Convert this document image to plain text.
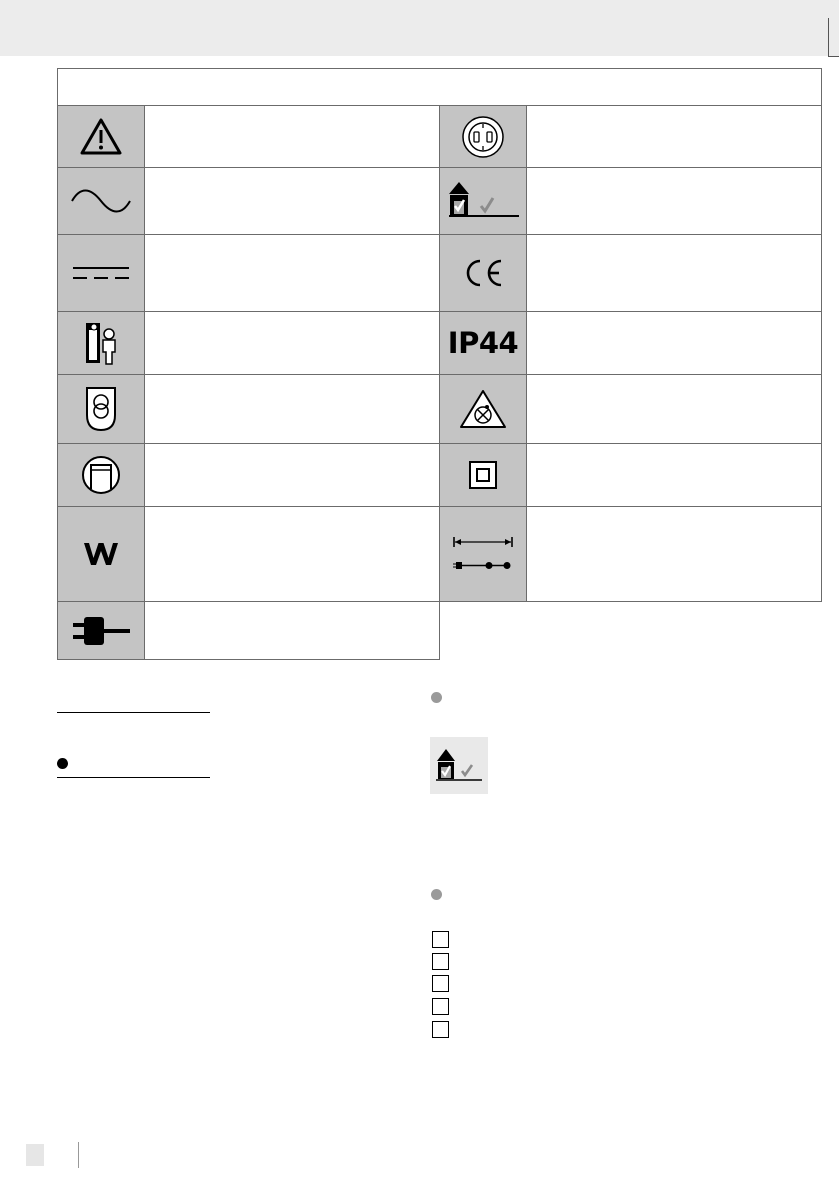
		IP44	
